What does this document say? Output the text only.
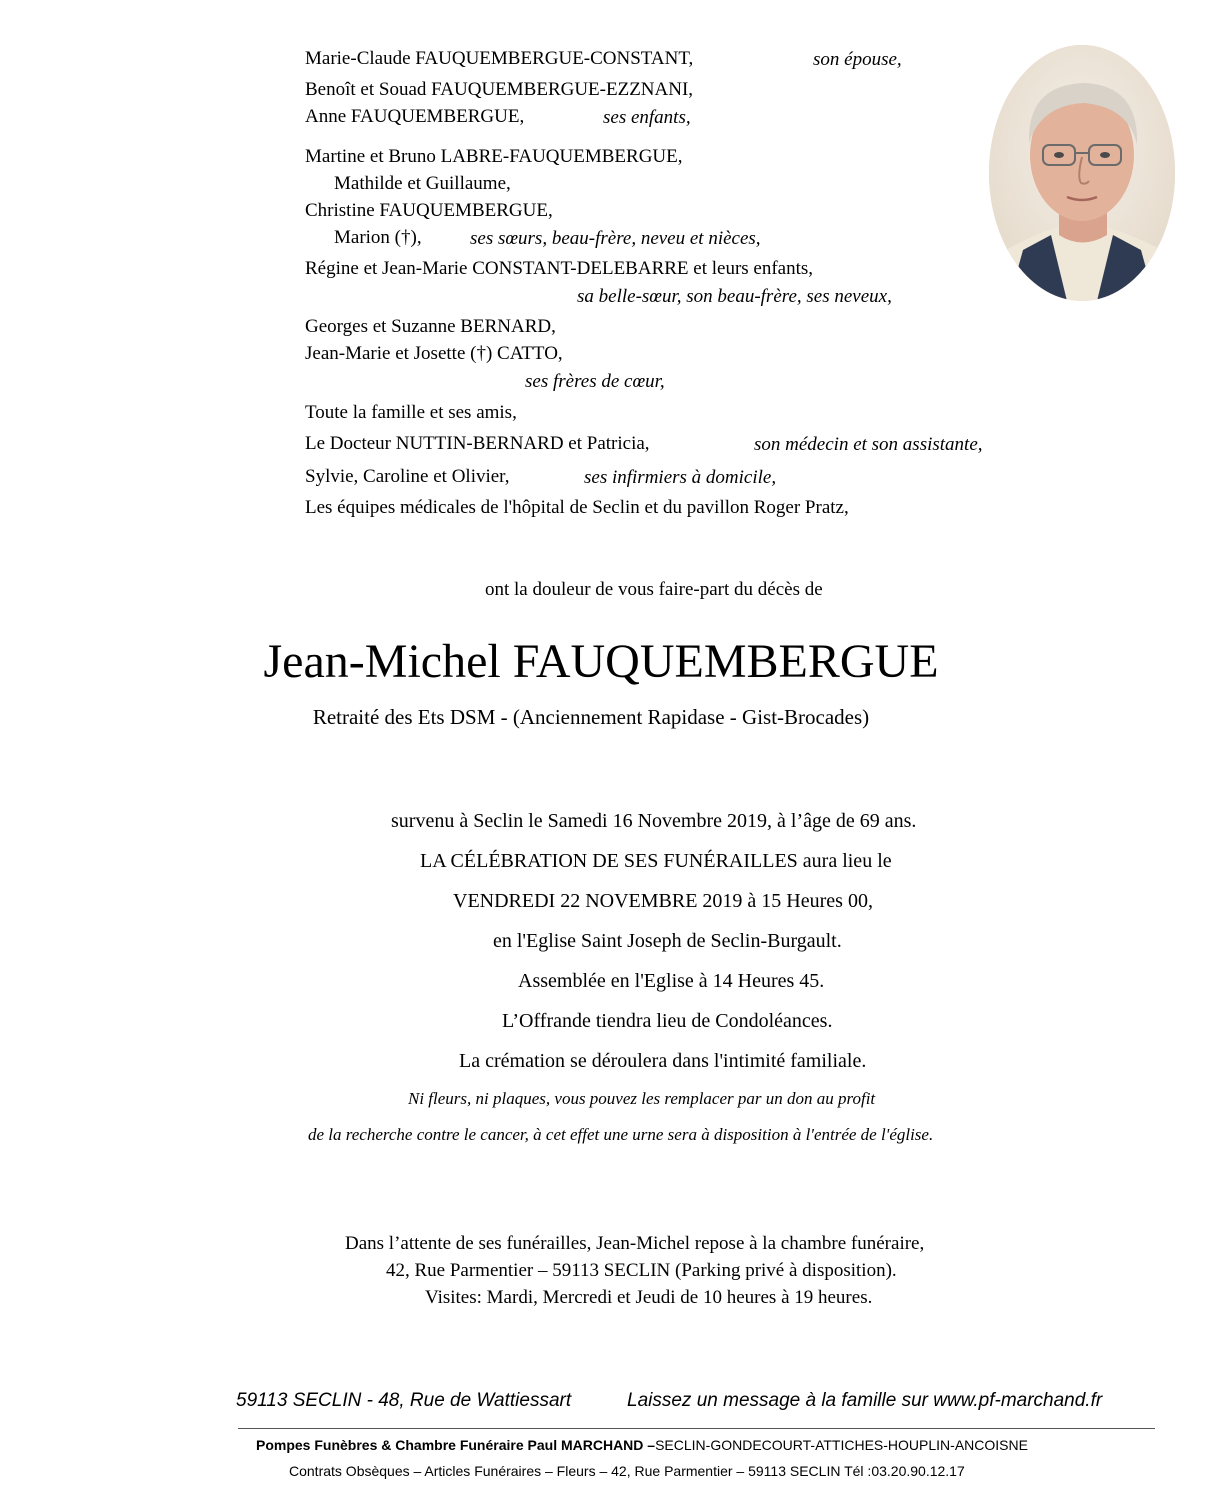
Marie-Claude FAUQUEMBERGUE-CONSTANT,	son épouse,
Benoît et Souad FAUQUEMBERGUE-EZZNANI,
Anne FAUQUEMBERGUE,	ses enfants,
Martine et Bruno LABRE-FAUQUEMBERGUE,
Mathilde et Guillaume,
Christine FAUQUEMBERGUE,
Marion (†),	ses sœurs, beau-frère, neveu et nièces,
Régine et Jean-Marie CONSTANT-DELEBARRE et leurs enfants,
sa belle-sœur, son beau-frère, ses neveux,
Georges et Suzanne BERNARD,
Jean-Marie et Josette (†) CATTO,
ses frères de cœur,
Toute la famille et ses amis,
Le Docteur NUTTIN-BERNARD et Patricia,	son médecin et son assistante,
Sylvie, Caroline et Olivier,	ses infirmiers à domicile,
Les équipes médicales de l'hôpital de Seclin et du pavillon Roger Pratz,
ont la douleur de vous faire-part du décès de
Jean-Michel FAUQUEMBERGUE
Retraité des Ets DSM - (Anciennement Rapidase - Gist-Brocades)
survenu à Seclin le Samedi 16 Novembre 2019, à l’âge de 69 ans.
LA CÉLÉBRATION DE SES FUNÉRAILLES aura lieu le
VENDREDI 22 NOVEMBRE 2019 à 15 Heures 00,
en l'Eglise Saint Joseph de Seclin-Burgault.
Assemblée en l'Eglise à 14 Heures 45.
L’Offrande tiendra lieu de Condoléances.
La crémation se déroulera dans l'intimité familiale.
Ni fleurs, ni plaques, vous pouvez les remplacer par un don au profit
de la recherche contre le cancer, à cet effet une urne sera à disposition à l'entrée de l'église.
Dans l’attente de ses funérailles, Jean-Michel repose à la chambre funéraire,
42, Rue Parmentier – 59113 SECLIN (Parking privé à disposition).
Visites: Mardi, Mercredi et Jeudi de 10 heures à 19 heures.
59113 SECLIN - 48, Rue de Wattiessart	Laissez un message à la famille sur www.pf-marchand.fr
Pompes Funèbres & Chambre Funéraire Paul MARCHAND –SECLIN-GONDECOURT-ATTICHES-HOUPLIN-ANCOISNE
Contrats Obsèques – Articles Funéraires – Fleurs – 42, Rue Parmentier – 59113 SECLIN Tél :03.20.90.12.17
